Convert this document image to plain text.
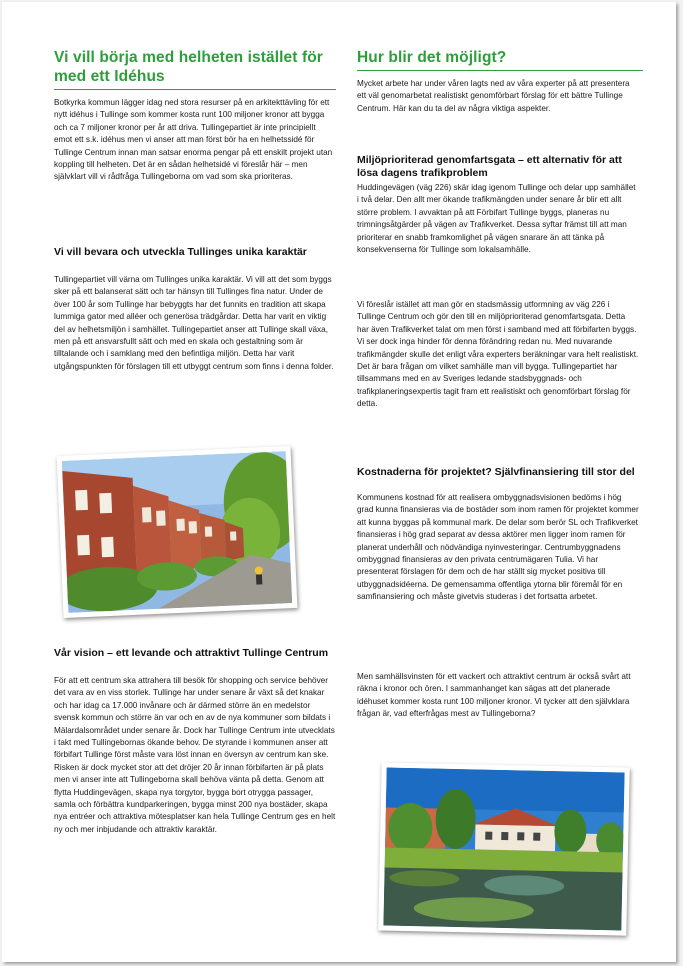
Vi vill börja med helheten istället för med ett Idéhus

Botkyrka kommun lägger idag ned stora resurser på en arkitekttävling för ett nytt idéhus i Tullinge som kommer kosta runt 100 miljoner kronor att bygga och ca 7 miljoner kronor per år att driva. Tullingepartiet är inte principiellt emot ett s.k. idéhus men vi anser att man först bör ha en helhetssidé för Tullinge Centrum innan man satsar enorma pengar på ett enskilt projekt utan koppling till helheten. Det är en sådan helhetsidé vi föreslår här – men självklart vill vi rådfråga Tullingeborna om vad som ska prioriteras.

Vi vill bevara och utveckla Tullinges unika karaktär

Tullingepartiet vill värna om Tullinges unika karaktär. Vi vill att det som byggs sker på ett balanserat sätt och tar hänsyn till Tullinges fina natur. Under de över 100 år som Tullinge har bebyggts har det funnits en tradition att skapa lummiga gator med alléer och generösa trädgårdar. Detta har varit en viktig del av helhetsmiljön i samhället. Tullingepartiet anser att Tullinge skall växa, men på ett ansvarsfullt sätt och med en skala och gestaltning som är tilltalande och i samklang med den befintliga miljön. Detta har varit utgångspunkten för förslagen till ett utbyggt centrum som finns i denna folder.

Vår vision – ett levande och attraktivt Tullinge Centrum

För att ett centrum ska attrahera till besök för shopping och service behöver det vara av en viss storlek. Tullinge har under senare år växt så det knakar och har idag ca 17.000 invånare och är därmed större än en medelstor svensk kommun och större än var och en av de nya kommuner som bildats i Mälardalsområdet under senare år. Dock har Tullinge Centrum inte utvecklats i takt med Tullingebornas ökande behov. De styrande i kommunen anser att förbifart Tullinge först måste vara löst innan en översyn av centrum kan ske. Risken är dock mycket stor att det dröjer 20 år innan förbifarten är på plats men vi anser inte att Tullingeborna skall behöva vänta på detta. Genom att flytta Huddingevägen, skapa nya torgytor, bygga bort otrygga passager, samla och förbättra kundparkeringen, bygga minst 200 nya bostäder, skapa nya entréer och attraktiva mötesplatser kan hela Tullinge Centrum ges en helt ny och mer inbjudande och attraktiv karaktär.

Hur blir det möjligt?

Mycket arbete har under våren lagts ned av våra experter på att presentera ett väl genomarbetat realistiskt genomförbart förslag för ett bättre Tullinge Centrum. Här kan du ta del av några viktiga aspekter.

Miljöprioriterad genomfartsgata – ett alternativ för att lösa dagens trafikproblem

Huddingevägen (väg 226) skär idag igenom Tullinge och delar upp samhället i två delar. Den allt mer ökande trafikmängden under senare år blir ett allt större problem. I avvaktan på att Förbifart Tullinge byggs, planeras nu trimningsåtgärder på vägen av Trafikverket. Dessa syftar främst till att man prioriterar en snabb framkomlighet på vägen snarare än att tänka på konsekvenserna för Tullinge som lokalsamhälle.

Vi föreslår istället att man gör en stadsmässig utformning av väg 226 i Tullinge Centrum och gör den till en miljöprioriterad genomfartsgata. Detta har även Trafikverket talat om men först i samband med att förbifarten byggs. Vi ser dock inga hinder för denna förändring redan nu. Med nuvarande trafikmängder skulle det enligt våra experters beräkningar vara helt realistiskt. Det är bara frågan om vilket samhälle man vill bygga. Tullingepartiet har tillsammans med en av Sveriges ledande stadsbyggnads- och trafikplaneringsexpertis tagit fram ett realistiskt och genomförbart förslag för detta.

Kostnaderna för projektet? Självfinansiering till stor del

Kommunens kostnad för att realisera ombyggnadsvisionen bedöms i hög grad kunna finansieras via de bostäder som inom ramen för projektet kommer att kunna byggas på kommunal mark. De delar som berör SL och Trafikverket finansieras i hög grad separat av dessa aktörer men ligger inom ramen för planerat underhåll och nödvändiga nyinvesteringar. Centrumbyggnadens ombyggnad finansieras av den privata centrumägaren Tulia. Vi har presenterat förslagen för dem och de har ställt sig mycket positiva till utbyggnadsidéerna. De gemensamma offentliga ytorna blir föremål för en samfinansiering och måste givetvis studeras i det fortsatta arbetet.

Men samhällsvinsten för ett vackert och attraktivt centrum är också svårt att räkna i kronor och ören. I sammanhanget kan sägas att det planerade idéhuset kommer kosta runt 100 miljoner kronor. Vi tycker att den självklara frågan är, vad efterfrågas mest av Tullingeborna?
